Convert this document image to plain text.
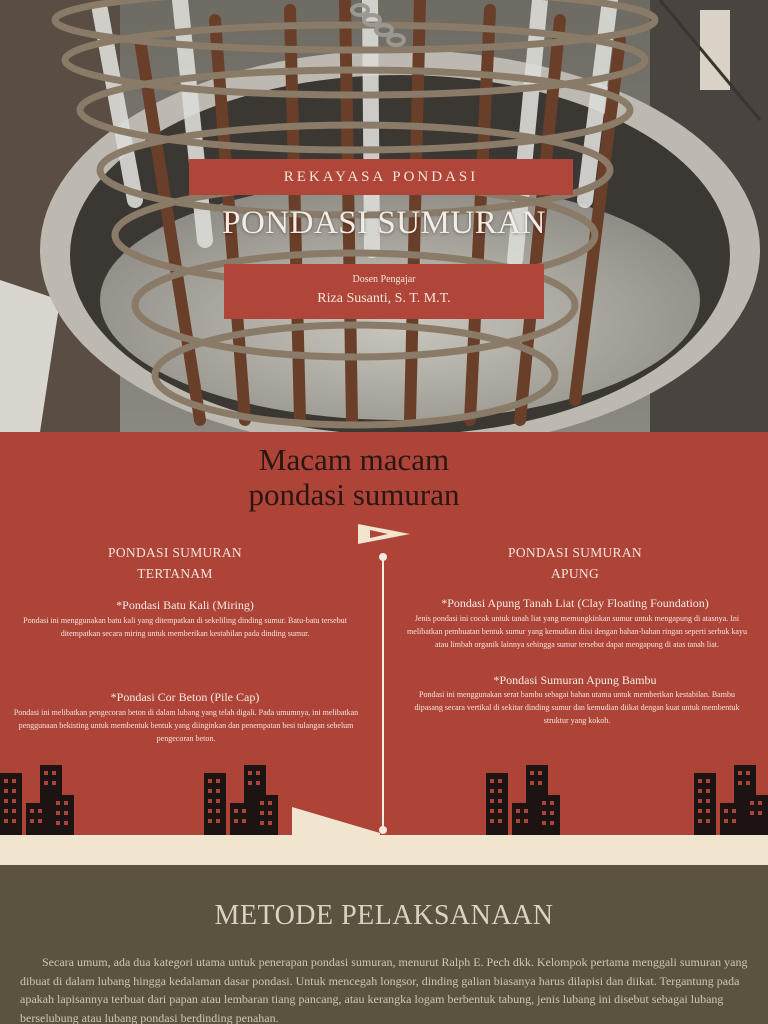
REKAYASA PONDASI
PONDASI SUMURAN
Dosen Pengajar
Riza Susanti, S. T. M.T.
Macam macam pondasi sumuran
PONDASI SUMURAN
TERTANAM
*Pondasi Batu Kali (Miring)
Pondasi ini menggunakan batu kali yang ditempatkan di sekeliling dinding sumur. Batu-batu tersebut ditempatkan secara miring untuk memberikan kestabilan pada dinding sumur.
*Pondasi Cor Beton (Pile Cap)
Pondasi ini melibatkan pengecoran beton di dalam lubang yang telah digali. Pada umumnya, ini melibatkan penggunaan bekisting untuk membentuk bentuk yang diinginkan dan penempatan besi tulangan sebelum pengecoran beton.
PONDASI SUMURAN
APUNG
*Pondasi Apung Tanah Liat (Clay Floating Foundation)
Jenis pondasi ini cocok untuk tanah liat yang memungkinkan sumur untuk mengapung di atasnya. Ini melibatkan pembuatan bentuk sumur yang kemudian diisi dengan bahan-bahan ringan seperti serbuk kayu atau limbah organik lainnya sehingga sumur tersebut dapat mengapung di atas tanah liat.
*Pondasi Sumuran Apung Bambu
Pondasi ini menggunakan serat bambu sebagai bahan utama untuk memberikan kestabilan. Bambu dipasang secara vertikal di sekitar dinding sumur dan kemudian diikat dengan kuat untuk membentuk struktur yang kokoh.
METODE PELAKSANAAN
Secara umum, ada dua kategori utama untuk penerapan pondasi sumuran, menurut Ralph E. Pech dkk. Kelompok pertama menggali sumuran yang dibuat di dalam lubang hingga kedalaman dasar pondasi. Untuk mencegah longsor, dinding galian biasanya harus dilapisi dan diikat. Tergantung pada apakah lapisannya terbuat dari papan atau lembaran tiang pancang, atau kerangka logam berbentuk tabung, jenis lubang ini disebut sebagai lubang berselubung atau lubang pondasi berdinding penahan.
